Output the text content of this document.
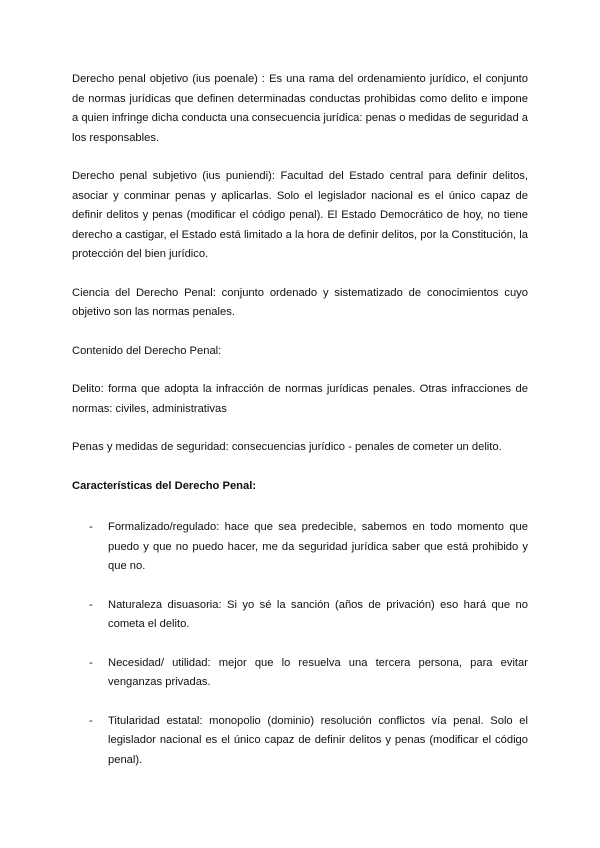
Derecho penal objetivo (ius poenale) : Es una rama del ordenamiento jurídico, el conjunto de normas jurídicas que definen determinadas conductas prohibidas como delito e impone a quien infringe dicha conducta una consecuencia jurídica: penas o medidas de seguridad a los responsables.

Derecho penal subjetivo (ius puniendi): Facultad del Estado central para definir delitos, asociar y conminar penas y aplicarlas. Solo el legislador nacional es el único capaz de definir delitos y penas (modificar el código penal). El Estado Democrático de hoy, no tiene derecho a castigar, el Estado está limitado a la hora de definir delitos, por la Constitución, la protección del bien jurídico.

Ciencia del Derecho Penal: conjunto ordenado y sistematizado de conocimientos cuyo objetivo son las normas penales.

Contenido del Derecho Penal:

Delito: forma que adopta la infracción de normas jurídicas penales. Otras infracciones de normas: civiles, administrativas

Penas y medidas de seguridad: consecuencias jurídico - penales de cometer un delito.

Características del Derecho Penal:

- Formalizado/regulado: hace que sea predecible, sabemos en todo momento que puedo y que no puedo hacer, me da seguridad jurídica saber que está prohibido y que no.
- Naturaleza disuasoria: Si yo sé la sanción (años de privación) eso hará que no cometa el delito.
- Necesidad/ utilidad: mejor que lo resuelva una tercera persona, para evitar venganzas privadas.
- Titularidad estatal: monopolio (dominio) resolución conflictos vía penal. Solo el legislador nacional es el único capaz de definir delitos y penas (modificar el código penal).
